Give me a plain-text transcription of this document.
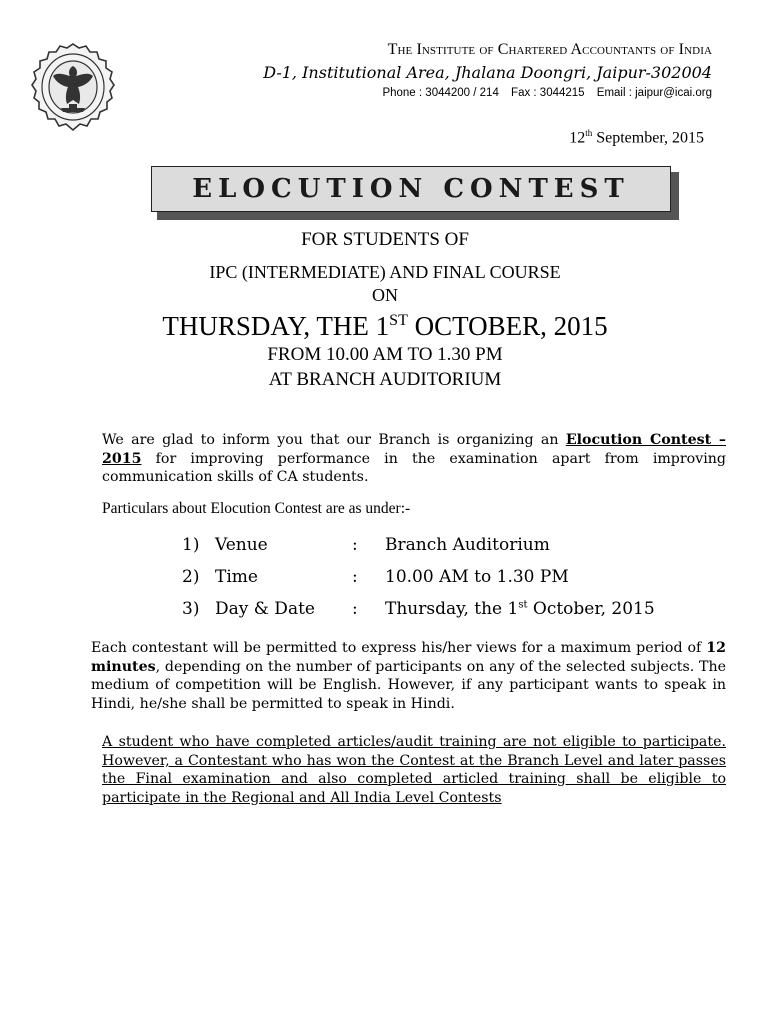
The Institute of Chartered Accountants of India
D-1, Institutional Area, Jhalana Doongri, Jaipur-302004
Phone : 3044200 / 214 Fax : 3044215 Email : jaipur@icai.org
12th September, 2015
ELOCUTION CONTEST
FOR STUDENTS OF
IPC (INTERMEDIATE) AND FINAL COURSE
ON
THURSDAY, THE 1ST OCTOBER, 2015
FROM 10.00 AM TO 1.30 PM
AT BRANCH AUDITORIUM
We are glad to inform you that our Branch is organizing an Elocution Contest – 2015 for improving performance in the examination apart from improving communication skills of CA students.
Particulars about Elocution Contest are as under:-
1) Venue	: Branch Auditorium
2) Time	: 10.00 AM to 1.30 PM
3) Day & Date : Thursday, the 1st October, 2015
Each contestant will be permitted to express his/her views for a maximum period of 12 minutes, depending on the number of participants on any of the selected subjects. The medium of competition will be English. However, if any participant wants to speak in Hindi, he/she shall be permitted to speak in Hindi.
A student who have completed articles/audit training are not eligible to participate. However, a Contestant who has won the Contest at the Branch Level and later passes the Final examination and also completed articled training shall be eligible to participate in the Regional and All India Level Contests
